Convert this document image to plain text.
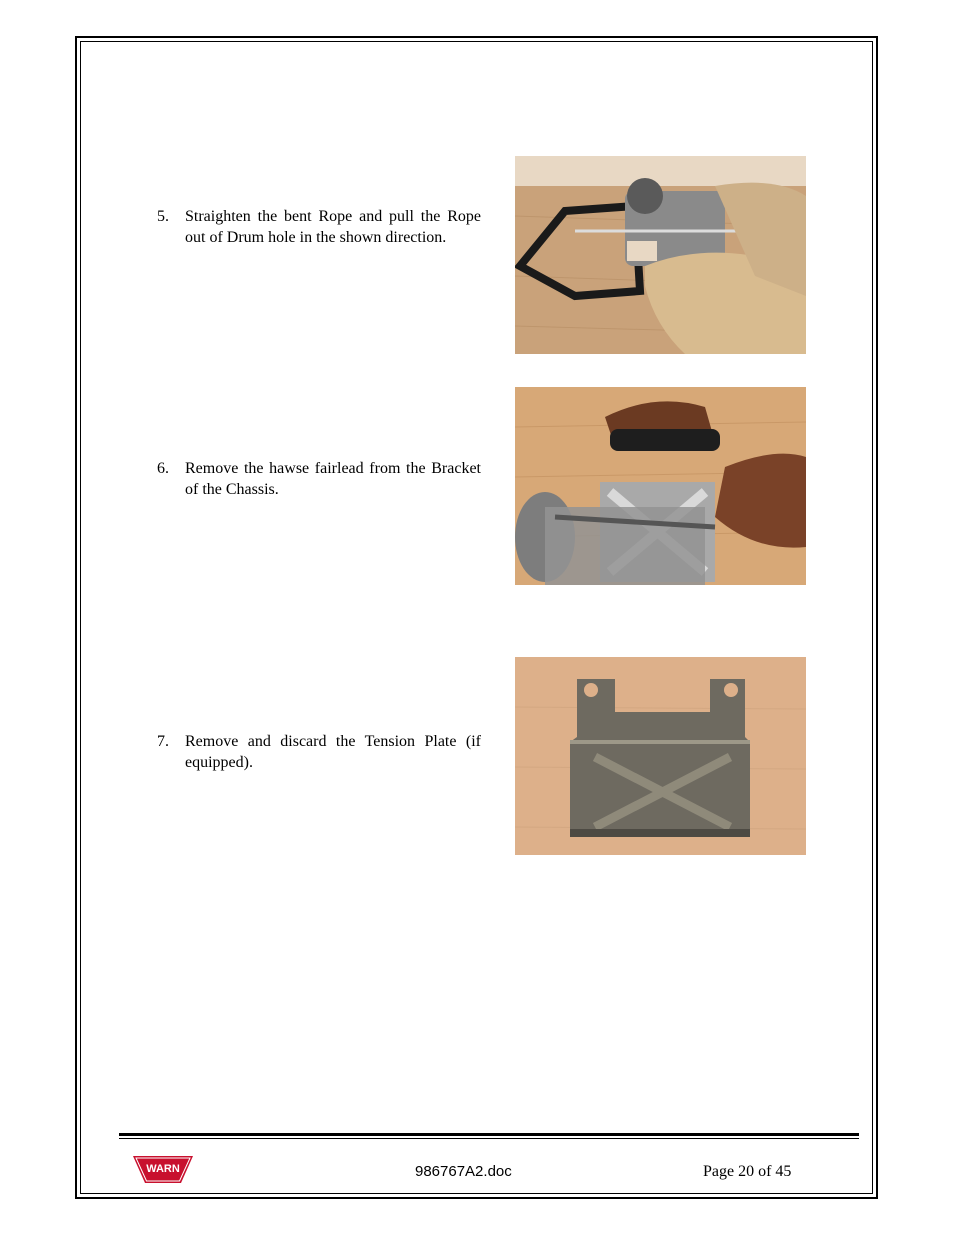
5. Straighten the bent Rope and pull the Rope out of Drum hole in the shown direction.
6. Remove the hawse fairlead from the Bracket of the Chassis.
7. Remove and discard the Tension Plate (if equipped).
WARN	986767A2.doc	Page 20 of 45
